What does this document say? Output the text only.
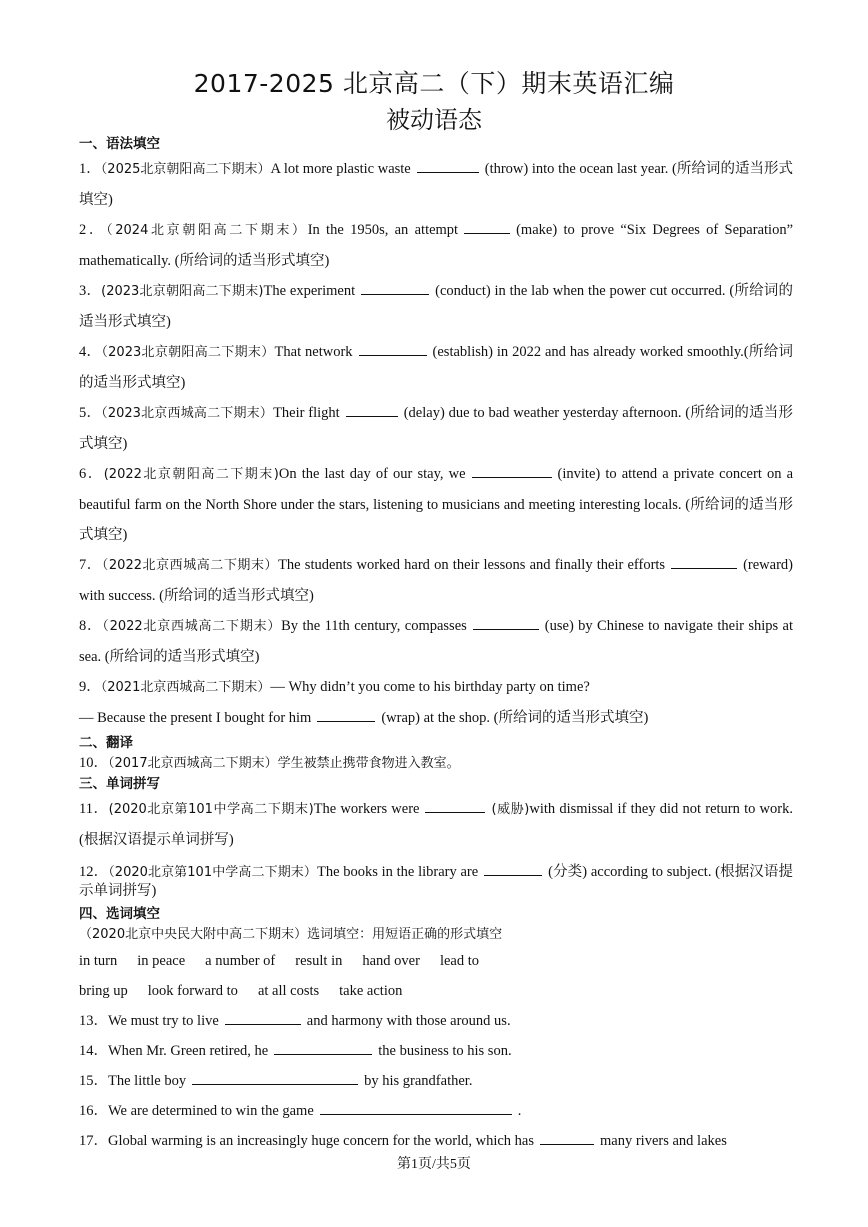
2017-2025 北京高二（下）期末英语汇编
被动语态
一、语法填空
1．（2025北京朝阳高二下期末）A lot more plastic waste	(throw) into the ocean last year. (所给词的适当形式填空)
2．（2024北京朝阳高二下期末）In the 1950s, an attempt	(make) to prove “Six Degrees of Separation” mathematically. (所给词的适当形式填空)
3．(2023北京朝阳高二下期末)The experiment	(conduct) in the lab when the power cut occurred. (所给词的适当形式填空)
4．（2023北京朝阳高二下期末）That network	(establish) in 2022 and has already worked smoothly.(所给词的适当形式填空)
5．（2023北京西城高二下期末）Their flight	(delay) due to bad weather yesterday afternoon. (所给词的适当形式填空)
6．(2022北京朝阳高二下期末)On the last day of our stay, we	(invite) to attend a private concert on a beautiful farm on the North Shore under the stars, listening to musicians and meeting interesting locals. (所给词的适当形式填空)
7．（2022北京西城高二下期末）The students worked hard on their lessons and finally their efforts	(reward) with success. (所给词的适当形式填空)
8．（2022北京西城高二下期末）By the 11th century, compasses	(use) by Chinese to navigate their ships at sea. (所给词的适当形式填空)
9．（2021北京西城高二下期末）— Why didn’t you come to his birthday party on time?
— Because the present I bought for him	(wrap) at the shop. (所给词的适当形式填空)
二、翻译
10．（2017北京西城高二下期末）学生被禁止携带食物进入教室。
三、单词拼写
11．(2020北京第101中学高二下期末)The workers were	(威胁)with dismissal if they did not return to work. (根据汉语提示单词拼写)
12．（2020北京第101中学高二下期末）The books in the library are	(分类) according to subject. (根据汉语提示单词拼写)
四、选词填空
（2020北京中央民大附中高二下期末）选词填空：用短语正确的形式填空
in turn in peace a number of result in hand over lead to
bring up look forward to at all costs take action
13．We must try to live	and harmony with those around us.
14．When Mr. Green retired, he	the business to his son.
15．The little boy	by his grandfather.
16．We are determined to win the game	.
17．Global warming is an increasingly huge concern for the world, which has	many rivers and lakes
第1页/共5页
